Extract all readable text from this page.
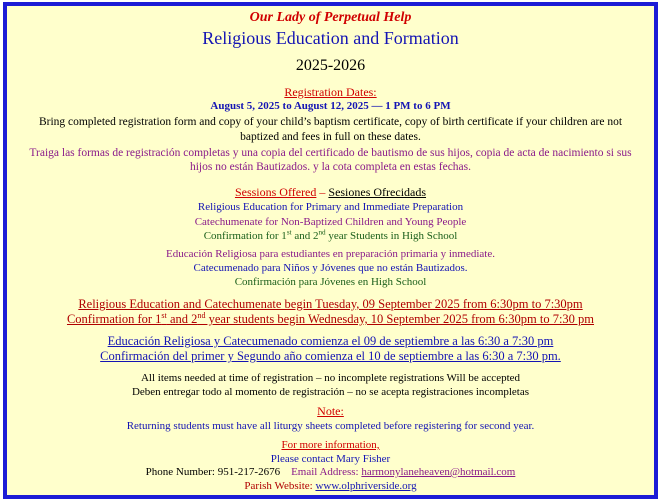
Our Lady of Perpetual Help
Religious Education and Formation
2025-2026
Registration Dates:
August 5, 2025 to August 12, 2025 — 1 PM to 6 PM
Bring completed registration form and copy of your child’s baptism certificate, copy of birth certificate if your children are not
baptized and fees in full on these dates.
Traiga las formas de registración completas y una copia del certificado de bautismo de sus hijos, copia de acta de nacimiento si sus
hijos no están Bautizados. y la cota completa en estas fechas.
Sessions Offered – Sesiones Ofrecidads
Religious Education for Primary and Immediate Preparation
Catechumenate for Non-Baptized Children and Young People
Confirmation for 1st and 2nd year Students in High School
Educación Religiosa para estudiantes en preparación primaria y inmediate.
Catecumenado para Niños y Jóvenes que no están Bautizados.
Confirmación para Jóvenes en High School
Religious Education and Catechumenate begin Tuesday, 09 September 2025 from 6:30pm to 7:30pm
Confirmation for 1st and 2nd year students begin Wednesday, 10 September 2025 from 6:30pm to 7:30 pm
Educación Religiosa y Catecumenado comienza el 09 de septiembre a las 6:30 a 7:30 pm
Confirmación del primer y Segundo año comienza el 10 de septiembre a las 6:30 a 7:30 pm.
All items needed at time of registration – no incomplete registrations Will be accepted
Deben entregar todo al momento de registración – no se acepta registraciones incompletas
Note:
Returning students must have all liturgy sheets completed before registering for second year.
For more information,
Please contact Mary Fisher
Phone Number: 951-217-2676 Email Address: harmonylaneheaven@hotmail.com
Parish Website: www.olphriverside.org
